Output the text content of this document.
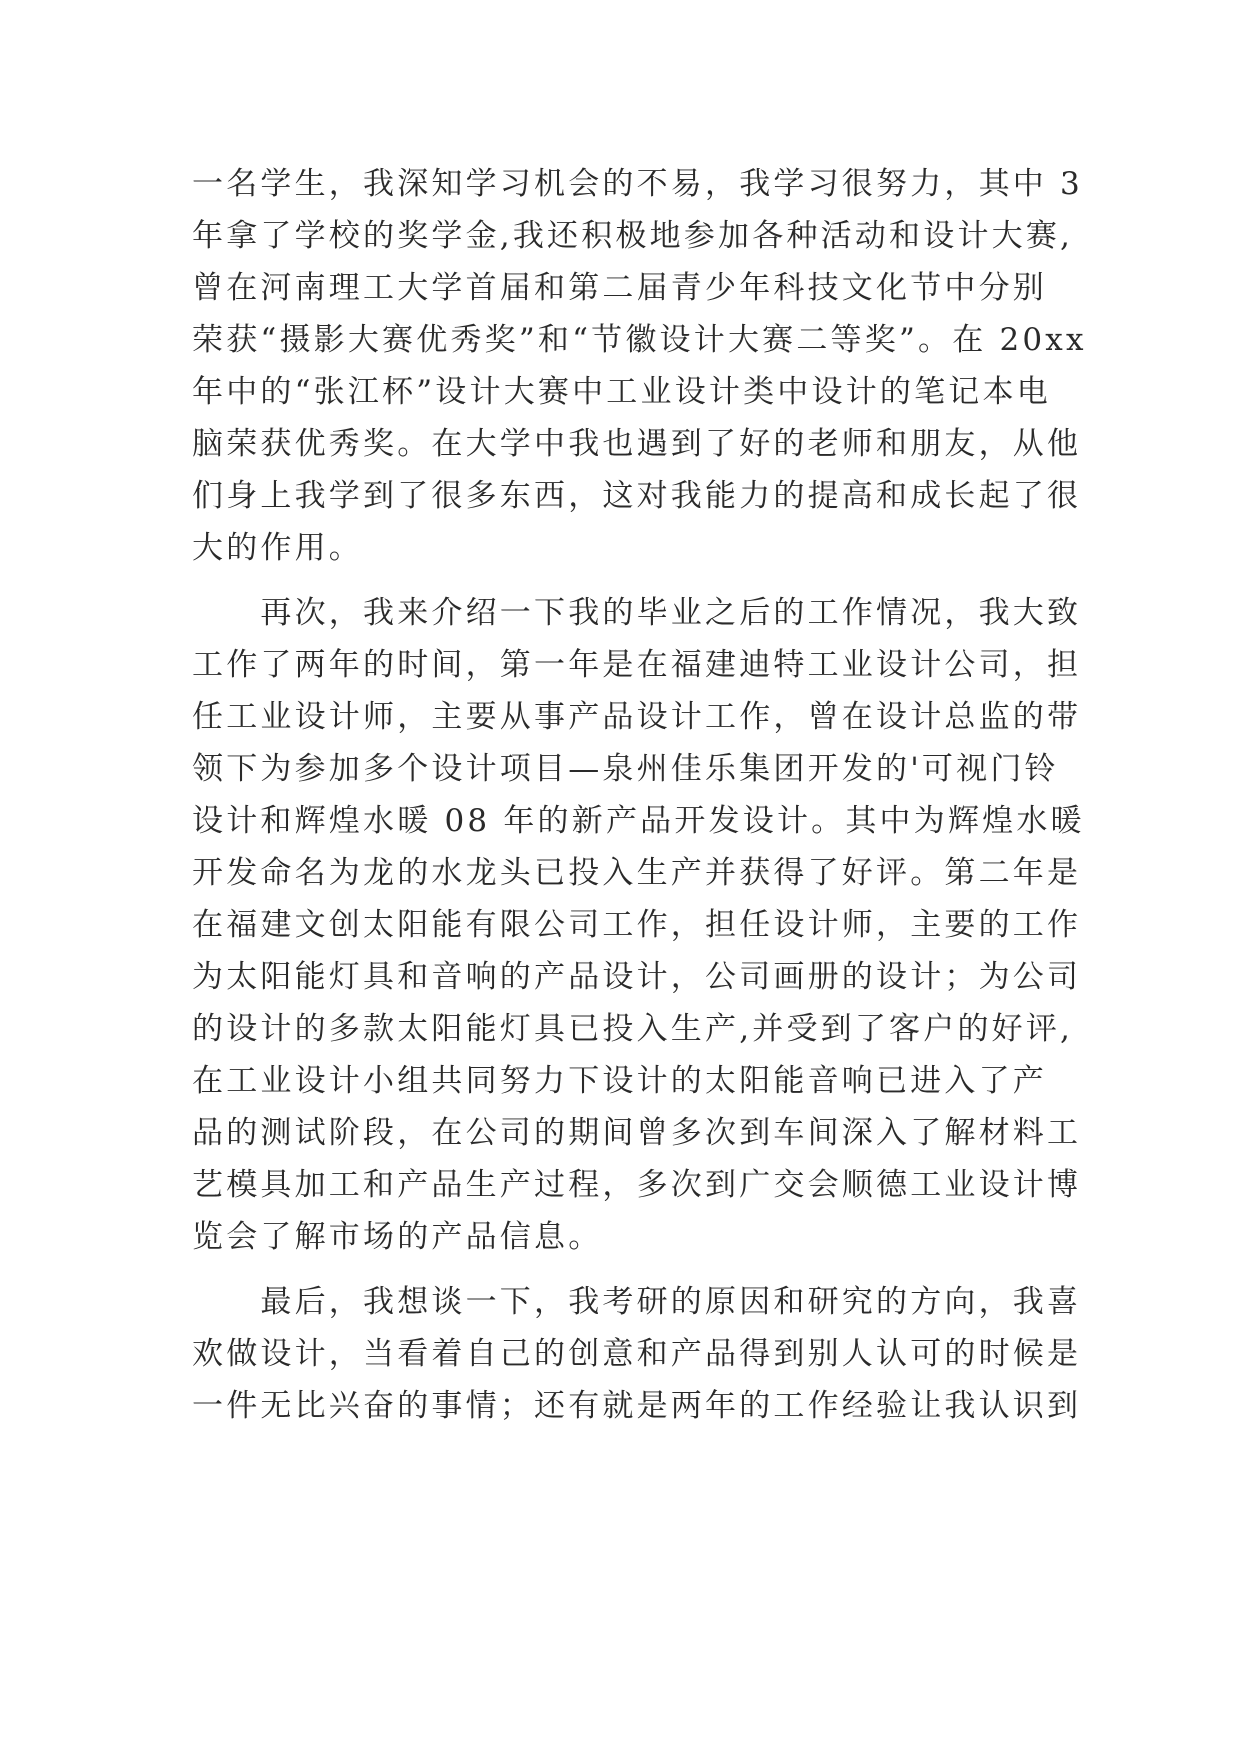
一名学生，我深知学习机会的不易，我学习很努力，其中 3
年拿了学校的奖学金,我还积极地参加各种活动和设计大赛,
曾在河南理工大学首届和第二届青少年科技文化节中分别
荣获“摄影大赛优秀奖”和“节徽设计大赛二等奖”。在 20xx
年中的“张江杯”设计大赛中工业设计类中设计的笔记本电
脑荣获优秀奖。在大学中我也遇到了好的老师和朋友，从他
们身上我学到了很多东西，这对我能力的提高和成长起了很
大的作用。
　　再次，我来介绍一下我的毕业之后的工作情况，我大致
工作了两年的时间，第一年是在福建迪特工业设计公司，担
任工业设计师，主要从事产品设计工作，曾在设计总监的带
领下为参加多个设计项目—泉州佳乐集团开发的'可视门铃
设计和辉煌水暖 08 年的新产品开发设计。其中为辉煌水暖
开发命名为龙的水龙头已投入生产并获得了好评。第二年是
在福建文创太阳能有限公司工作，担任设计师，主要的工作
为太阳能灯具和音响的产品设计，公司画册的设计；为公司
的设计的多款太阳能灯具已投入生产,并受到了客户的好评,
在工业设计小组共同努力下设计的太阳能音响已进入了产
品的测试阶段，在公司的期间曾多次到车间深入了解材料工
艺模具加工和产品生产过程，多次到广交会顺德工业设计博
览会了解市场的产品信息。
　　最后，我想谈一下，我考研的原因和研究的方向，我喜
欢做设计，当看着自己的创意和产品得到别人认可的时候是
一件无比兴奋的事情；还有就是两年的工作经验让我认识到
